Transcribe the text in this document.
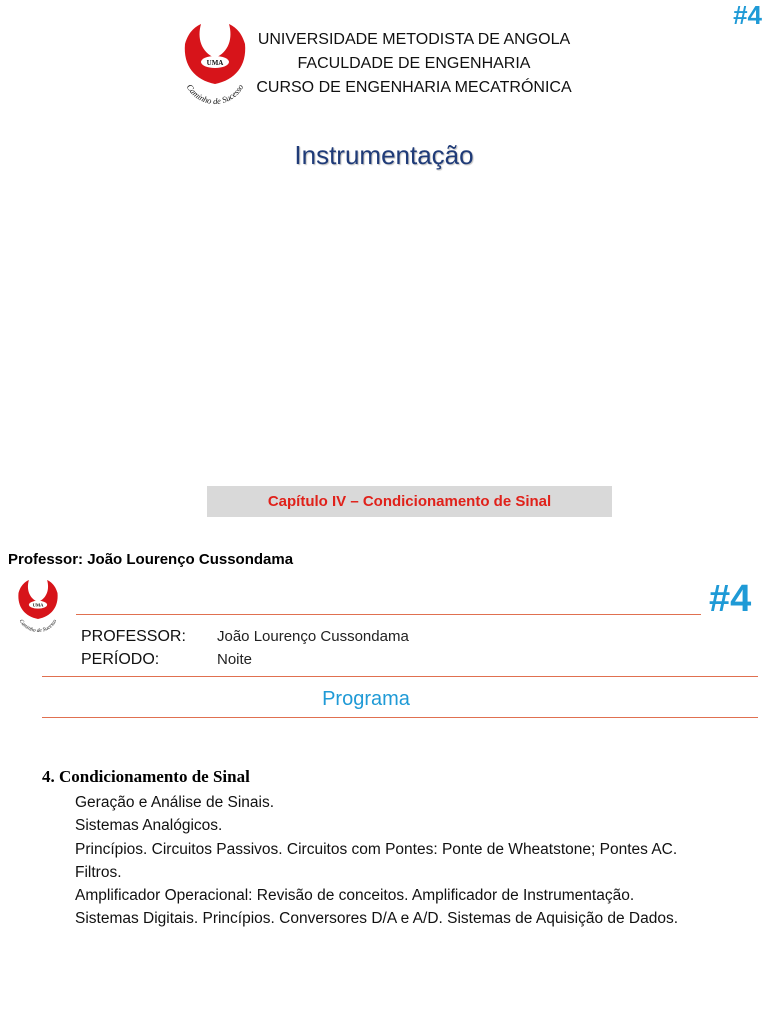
#4
UMA
Caminho de Sucesso
UNIVERSIDADE METODISTA DE ANGOLA
FACULDADE DE ENGENHARIA
CURSO DE ENGENHARIA MECATRÓNICA
Instrumentação
Capítulo IV – Condicionamento de Sinal
Professor: João Lourenço Cussondama
UMA
Caminho de Sucesso
#4
PROFESSOR: João Lourenço Cussondama
PERÍODO:	Noite
Programa
4. Condicionamento de Sinal
Geração e Análise de Sinais.
Sistemas Analógicos.
Princípios. Circuitos Passivos. Circuitos com Pontes: Ponte de Wheatstone; Pontes AC.
Filtros.
Amplificador Operacional: Revisão de conceitos. Amplificador de Instrumentação.
Sistemas Digitais. Princípios. Conversores D/A e A/D. Sistemas de Aquisição de Dados.
